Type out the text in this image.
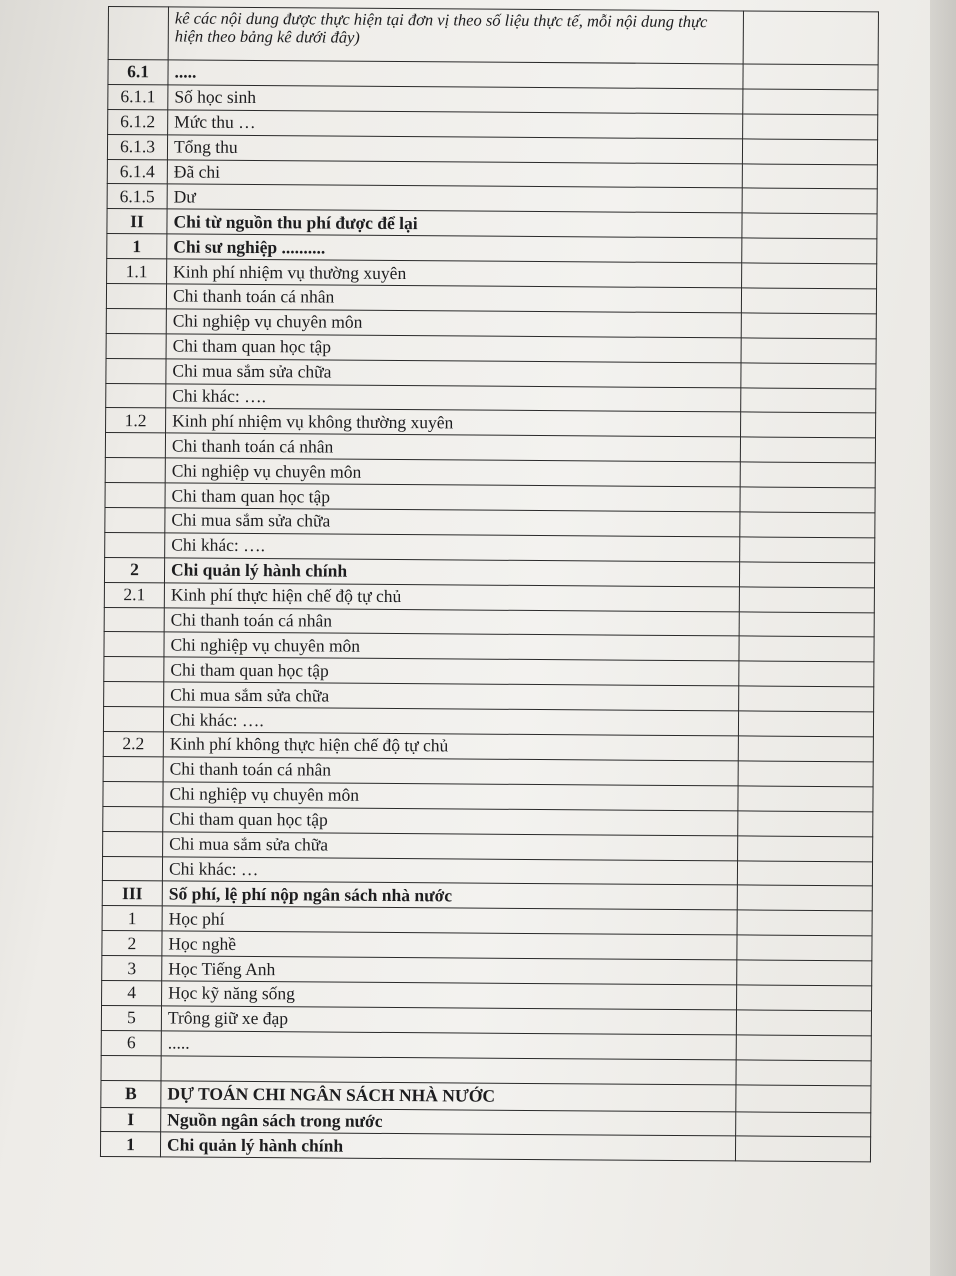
	kê các nội dung được thực hiện tại đơn vị theo số liệu thực tế, mỗi nội dung thực hiện theo bảng kê dưới đây)	
6.1	.....	
6.1.1	Số học sinh	
6.1.2	Mức thu …	
6.1.3	Tổng thu	
6.1.4	Đã chi	
6.1.5	Dư	
II	Chi từ nguồn thu phí được để lại	
1	Chi sư nghiệp ..........	
1.1	Kinh phí nhiệm vụ thường xuyên	
	Chi thanh toán cá nhân	
	Chi nghiệp vụ chuyên môn	
	Chi tham quan học tập	
	Chi mua sắm sửa chữa	
	Chi khác: ….	
1.2	Kinh phí nhiệm vụ không thường xuyên	
	Chi thanh toán cá nhân	
	Chi nghiệp vụ chuyên môn	
	Chi tham quan học tập	
	Chi mua sắm sửa chữa	
	Chi khác: ….	
2	Chi quản lý hành chính	
2.1	Kinh phí thực hiện chế độ tự chủ	
	Chi thanh toán cá nhân	
	Chi nghiệp vụ chuyên môn	
	Chi tham quan học tập	
	Chi mua sắm sửa chữa	
	Chi khác: ….	
2.2	Kinh phí không thực hiện chế độ tự chủ	
	Chi thanh toán cá nhân	
	Chi nghiệp vụ chuyên môn	
	Chi tham quan học tập	
	Chi mua sắm sửa chữa	
	Chi khác: …	
III	Số phí, lệ phí nộp ngân sách nhà nước	
1	Học phí	
2	Học nghề	
3	Học Tiếng Anh	
4	Học kỹ năng sống	
5	Trông giữ xe đạp	
6	.....	

B	DỰ TOÁN CHI NGÂN SÁCH NHÀ NƯỚC	
I	Nguồn ngân sách trong nước	
1	Chi quản lý hành chính	
